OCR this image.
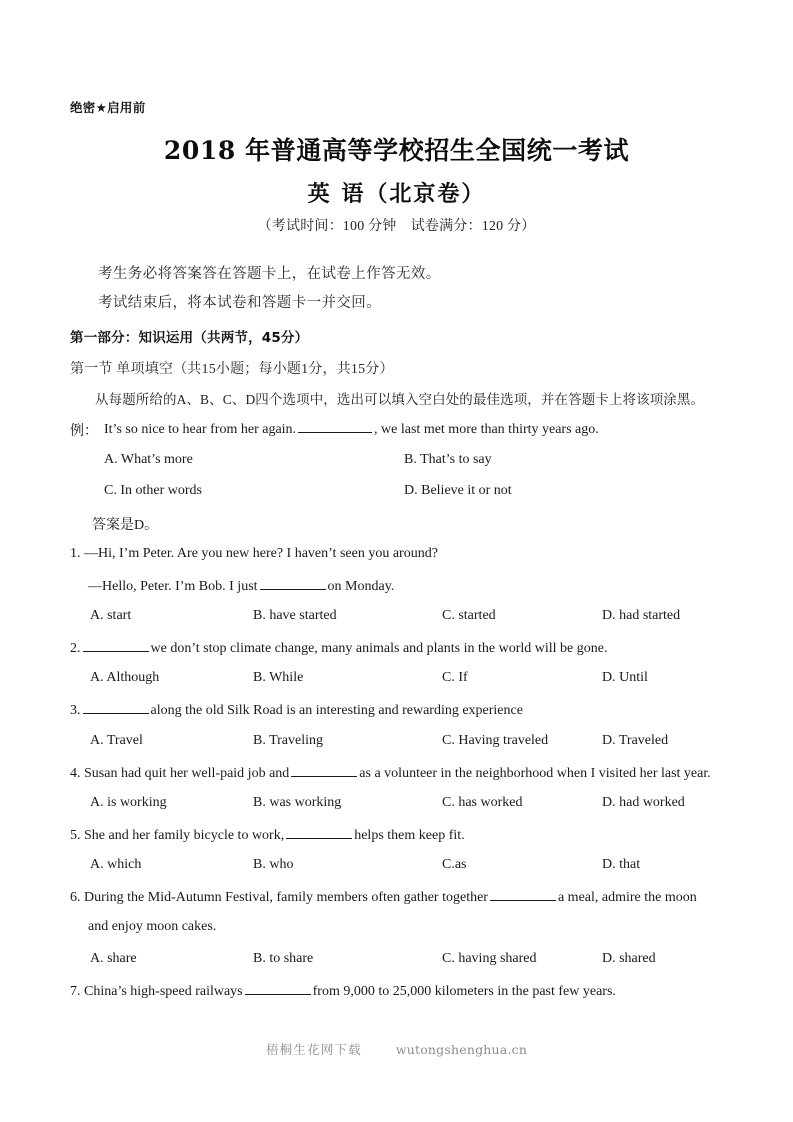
绝密★启用前
2018 年普通高等学校招生全国统一考试
英 语（北京卷）
（考试时间：100 分钟　试卷满分：120 分）
考生务必将答案答在答题卡上，在试卷上作答无效。
考试结束后，将本试卷和答题卡一并交回。
第一部分：知识运用（共两节，45分）
第一节 单项填空（共15小题；每小题1分，共15分）
从每题所给的A、B、C、D四个选项中，选出可以填入空白处的最佳选项，并在答题卡上将该项涂黑。
例： It’s so nice to hear from her again.	, we last met more than thirty years ago.
A. What’s more	B. That’s to say
C. In other words	D. Believe it or not
答案是D。
1. —Hi, I’m Peter. Are you new here? I haven’t seen you around?
—Hello, Peter. I’m Bob. I just	on Monday.
A. start	B. have started	C. started	D. had started
2.	we don’t stop climate change, many animals and plants in the world will be gone.
A. Although	B. While	C. If	D. Until
3.	along the old Silk Road is an interesting and rewarding experience
A. Travel	B. Traveling	C. Having traveled	D. Traveled
4. Susan had quit her well-paid job and	as a volunteer in the neighborhood when I visited her last year.
A. is working	B. was working	C. has worked	D. had worked
5. She and her family bicycle to work,	helps them keep fit.
A. which	B. who	C.as	D. that
6. During the Mid-Autumn Festival, family members often gather together	a meal, admire the moon
and enjoy moon cakes.
A. share	B. to share	C. having shared	D. shared
7. China’s high-speed railways	from 9,000 to 25,000 kilometers in the past few years.
梧桐生花网下载	wutongshenghua.cn
